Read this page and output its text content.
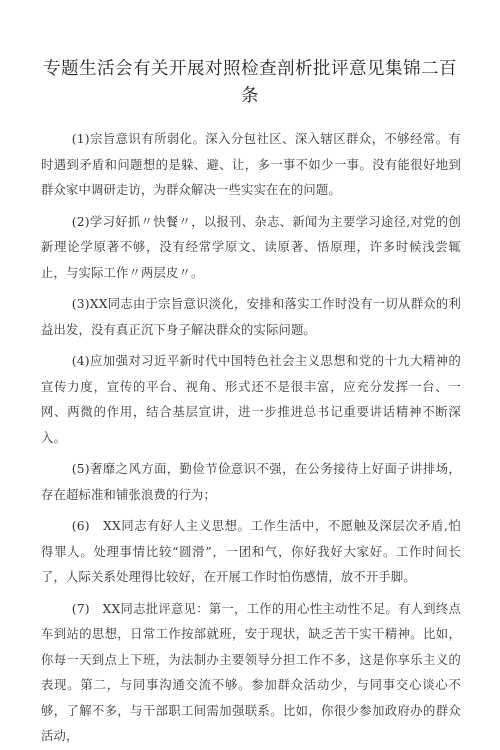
专题生活会有关开展对照检查剖析批评意见集锦二百条

(1)宗旨意识有所弱化。深入分包社区、深入辖区群众，不够经常。有时遇到矛盾和问题想的是躲、避、让，多一事不如少一事。没有能很好地到群众家中调研走访，为群众解决一些实实在在的问题。

(2)学习好抓〃快餐〃，以报刊、杂志、新闻为主要学习途径,对党的创新理论学原著不够，没有经常学原文、读原著、悟原理，许多时候浅尝辄止，与实际工作〃两层皮〃。

(3)XX同志由于宗旨意识淡化，安排和落实工作时没有一切从群众的利益出发，没有真正沉下身子解决群众的实际问题。

(4)应加强对习近平新时代中国特色社会主义思想和党的十九大精神的宣传力度，宣传的平台、视角、形式还不是很丰富，应充分发挥一台、一网、两微的作用，结合基层宣讲，进一步推进总书记重要讲话精神不断深入。

(5)奢靡之风方面，勤俭节俭意识不强，在公务接待上好面子讲排场，存在超标准和铺张浪费的行为；

(6)　XX同志有好人主义思想。工作生活中，不愿触及深层次矛盾,怕得罪人。处理事情比较“圆滑”，一团和气，你好我好大家好。工作时间长了，人际关系处理得比较好，在开展工作时怕伤感情，放不开手脚。

(7)　XX同志批评意见：第一，工作的用心性主动性不足。有人到终点车到站的思想，日常工作按部就班，安于现状，缺乏苦干实干精神。比如，你每一天到点上下班，为法制办主要领导分担工作不多，这是你享乐主义的表现。第二，与同事沟通交流不够。参加群众活动少，与同事交心谈心不够，了解不多，与干部职工间需加强联系。比如，你很少参加政府办的群众活动，
